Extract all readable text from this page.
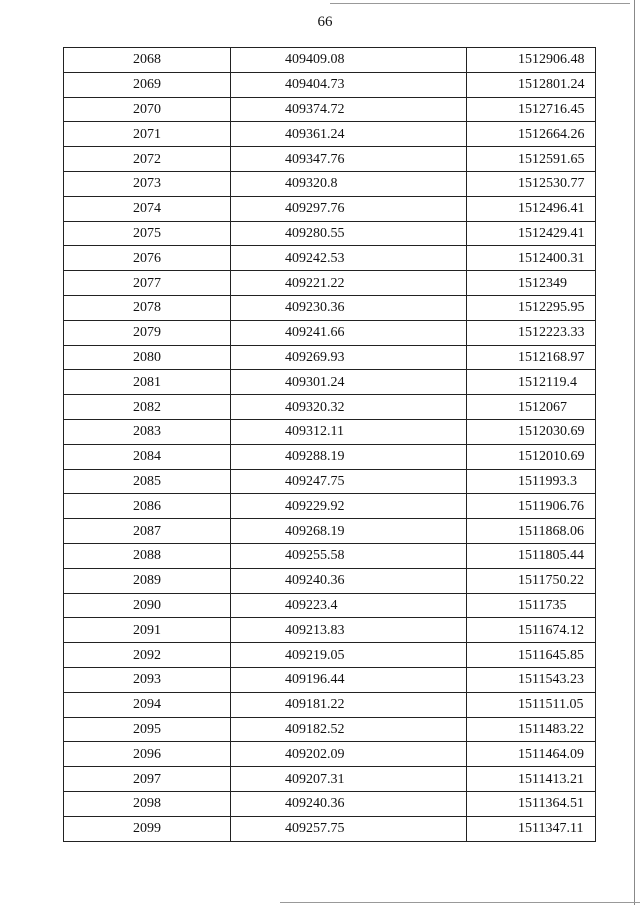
66
2068	409409.08	1512906.48
2069	409404.73	1512801.24
2070	409374.72	1512716.45
2071	409361.24	1512664.26
2072	409347.76	1512591.65
2073	409320.8	1512530.77
2074	409297.76	1512496.41
2075	409280.55	1512429.41
2076	409242.53	1512400.31
2077	409221.22	1512349
2078	409230.36	1512295.95
2079	409241.66	1512223.33
2080	409269.93	1512168.97
2081	409301.24	1512119.4
2082	409320.32	1512067
2083	409312.11	1512030.69
2084	409288.19	1512010.69
2085	409247.75	1511993.3
2086	409229.92	1511906.76
2087	409268.19	1511868.06
2088	409255.58	1511805.44
2089	409240.36	1511750.22
2090	409223.4	1511735
2091	409213.83	1511674.12
2092	409219.05	1511645.85
2093	409196.44	1511543.23
2094	409181.22	1511511.05
2095	409182.52	1511483.22
2096	409202.09	1511464.09
2097	409207.31	1511413.21
2098	409240.36	1511364.51
2099	409257.75	1511347.11
